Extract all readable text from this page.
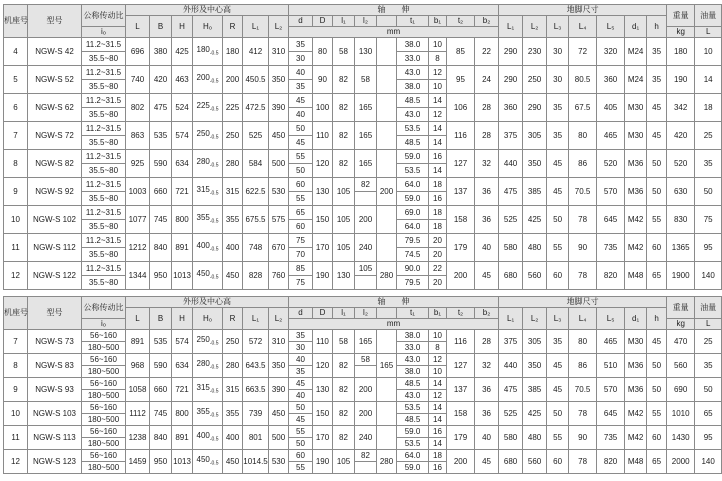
机座号	型号	公称传动比	外形及中心高							轴　　伸									地脚尺寸							重量	油量
			L	B	H	H₀	R	L₁	L₂	d	D	l₁	l₂		t₁	b₁	t₂	b₂	L₁	L₂	L₃	L₄	L₅	d₁	h		
		i₀								mm																kg	L
4	NGW-S 42	11.2~31.5	696	380	425	$180_{-0.5}$	180	412	310	35	80	58	130		38.0	10	85	22	290	230	30	72	320	M24	35	180	10
		35.5~80								30					33.0	8											
5	NGW-S 52	11.2~31.5	740	420	463	$200_{-0.5}$	200	450.5	350	40	90	82	58		43.0	12	95	24	290	250	30	80.5	360	M24	35	190	14
		35.5~80								35					38.0	10											
6	NGW-S 62	11.2~31.5	802	475	524	$225_{-0.5}$	225	472.5	390	45	100	82	165		48.5	14	106	28	360	290	35	67.5	405	M30	45	342	18
		35.5~80								40					43.0	12											
7	NGW-S 72	11.2~31.5	863	535	574	$250_{-0.5}$	250	525	450	50	110	82	165		53.5	14	116	28	375	305	35	80	465	M30	45	420	25
		35.5~80								45					48.5	14											
8	NGW-S 82	11.2~31.5	925	590	634	$280_{-0.5}$	280	584	500	55	120	82	165		59.0	16	127	32	440	350	45	86	520	M36	50	520	35
		35.5~80								50					53.5	14											
9	NGW-S 92	11.2~31.5	1003	660	721	$315_{-0.5}$	315	622.5	530	60	130	105	82	200	64.0	18	137	36	475	385	45	70.5	570	M36	50	630	50
		35.5~80								55					59.0	16											
10	NGW-S 102	11.2~31.5	1077	745	800	$355_{-0.5}$	355	675.5	575	65	150	105	200		69.0	18	158	36	525	425	50	78	645	M42	55	830	75
		35.5~80								60					64.0	18											
11	NGW-S 112	11.2~31.5	1212	840	891	$400_{-0.5}$	400	748	670	75	170	105	240		79.5	20	179	40	580	480	55	90	735	M42	60	1365	95
		35.5~80								70					74.5	20											
12	NGW-S 122	11.2~31.5	1344	950	1013	$450_{-0.5}$	450	828	760	85	190	130	105	280	90.0	22	200	45	680	560	60	78	820	M48	65	1900	140
		35.5~80								75					79.5	20											
机座号	型号	公称传动比	外形及中心高							轴　　伸									地脚尺寸							重量	油量
			L	B	H	H₀	R	L₁	L₂	d	D	l₁	l₂		t₁	b₁	t₂	b₂	L₁	L₂	L₃	L₄	L₅	d₁	h		
		i₀								mm																kg	L
7	NGW-S 73	56~160	891	535	574	$250_{-0.5}$	250	572	310	35	110	58	165		38.0	10	116	28	375	305	35	80	465	M30	45	470	25
		180~500								30					33.0	8											
8	NGW-S 83	56~160	968	590	634	$280_{-0.5}$	280	643.5	350	40	120	82	58	165	43.0	12	127	32	440	350	45	86	510	M36	50	560	35
		180~500								35					38.0	10											
9	NGW-S 93	56~160	1058	660	721	$315_{-0.5}$	315	663.5	390	45	130	82	200		48.5	14	137	36	475	385	45	70.5	570	M36	50	690	50
		180~500								40					43.0	12											
10	NGW-S 103	56~160	1112	745	800	$355_{-0.5}$	355	739	450	50	150	82	200		53.5	14	158	36	525	425	50	78	645	M42	55	1010	65
		180~500								45					48.5	14											
11	NGW-S 113	56~160	1238	840	891	$400_{-0.5}$	400	801	500	55	170	82	240		59.0	16	179	40	580	480	55	90	735	M42	60	1430	95
		180~500								50					53.5	14											
12	NGW-S 123	56~160	1459	950	1013	$450_{-0.5}$	450	1014.5	530	60	190	105	82	280	64.0	18	200	45	680	560	60	78	820	M48	65	2000	140
		180~500								55					59.0	16											
